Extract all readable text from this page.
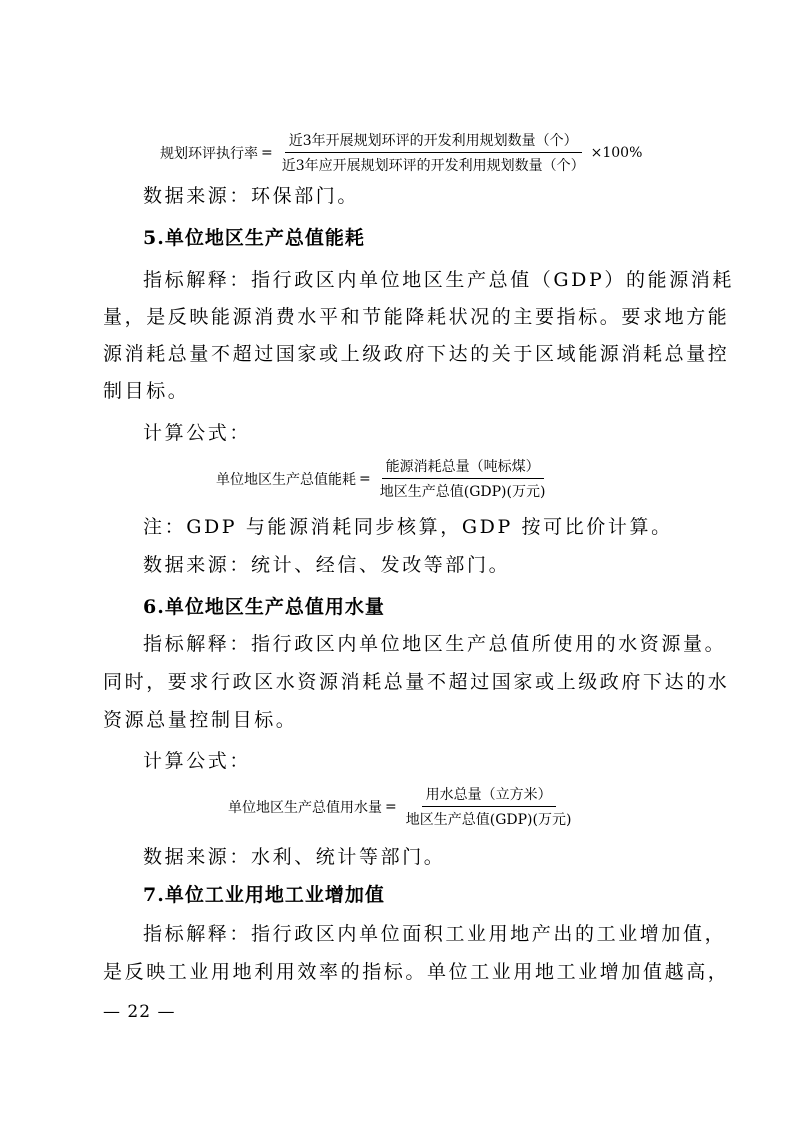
规划环评执行率 = $\frac{\text{近3年开展规划环评的开发利用规划数量（个）}}{\text{近3年应开展规划环评的开发利用规划数量（个）}} \times 100\%$
数据来源：环保部门。
5.单位地区生产总值能耗
指标解释：指行政区内单位地区生产总值（GDP）的能源消耗
量，是反映能源消费水平和节能降耗状况的主要指标。要求地方能
源消耗总量不超过国家或上级政府下达的关于区域能源消耗总量控
制目标。
计算公式：
单位地区生产总值能耗 = $\frac{\text{能源消耗总量（吨标煤）}}{\text{地区生产总值(GDP)(万元)}}$
注：GDP 与能源消耗同步核算，GDP 按可比价计算。
数据来源：统计、经信、发改等部门。
6.单位地区生产总值用水量
指标解释：指行政区内单位地区生产总值所使用的水资源量。
同时，要求行政区水资源消耗总量不超过国家或上级政府下达的水
资源总量控制目标。
计算公式：
单位地区生产总值用水量 = $\frac{\text{用水总量（立方米）}}{\text{地区生产总值(GDP)(万元)}}$
数据来源：水利、统计等部门。
7.单位工业用地工业增加值
指标解释：指行政区内单位面积工业用地产出的工业增加值，
是反映工业用地利用效率的指标。单位工业用地工业增加值越高，
— 22 —
